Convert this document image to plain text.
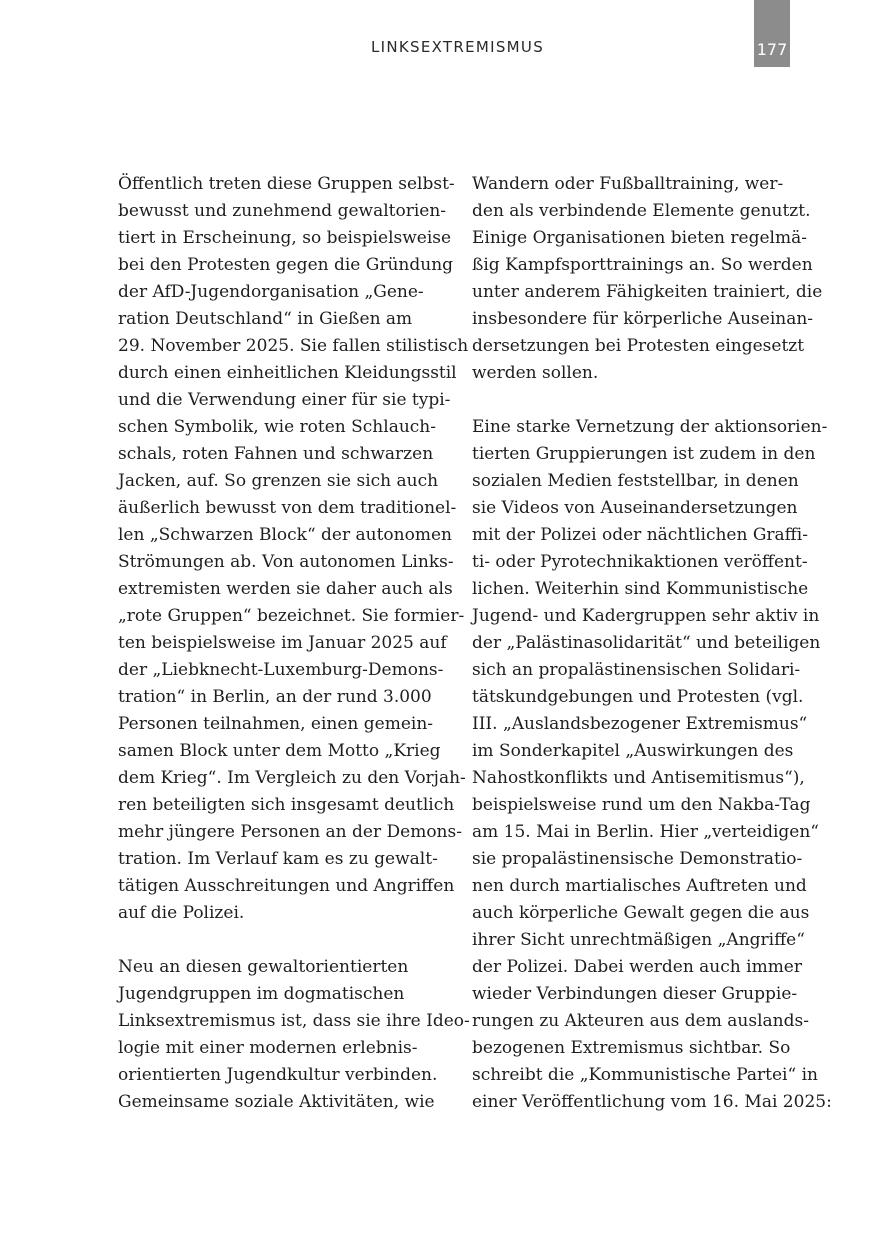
LINKSEXTREMISMUS	177
Öffentlich treten diese Gruppen selbst-
bewusst und zunehmend gewaltorien-
tiert in Erscheinung, so beispielsweise
bei den Protesten gegen die Gründung
der AfD-Jugendorganisation „Gene-
ration Deutschland“ in Gießen am
29. November 2025. Sie fallen stilistisch
durch einen einheitlichen Kleidungsstil
und die Verwendung einer für sie typi-
schen Symbolik, wie roten Schlauch-
schals, roten Fahnen und schwarzen
Jacken, auf. So grenzen sie sich auch
äußerlich bewusst von dem traditionel-
len „Schwarzen Block“ der autonomen
Strömungen ab. Von autonomen Links-
extremisten werden sie daher auch als
„rote Gruppen“ bezeichnet. Sie formier-
ten beispielsweise im Januar 2025 auf
der „Liebknecht-Luxemburg-Demons-
tration“ in Berlin, an der rund 3.000
Personen teilnahmen, einen gemein-
samen Block unter dem Motto „Krieg
dem Krieg“. Im Vergleich zu den Vorjah-
ren beteiligten sich insgesamt deutlich
mehr jüngere Personen an der Demons-
tration. Im Verlauf kam es zu gewalt-
tätigen Ausschreitungen und Angriffen
auf die Polizei.
Neu an diesen gewaltorientierten
Jugendgruppen im dogmatischen
Linksextremismus ist, dass sie ihre Ideo-
logie mit einer modernen erlebnis-
orientierten Jugendkultur verbinden.
Gemeinsame soziale Aktivitäten, wie
Wandern oder Fußballtraining, wer-
den als verbindende Elemente genutzt.
Einige Organisationen bieten regelmä-
ßig Kampfsporttrainings an. So werden
unter anderem Fähigkeiten trainiert, die
insbesondere für körperliche Auseinan-
dersetzungen bei Protesten eingesetzt
werden sollen.
Eine starke Vernetzung der aktionsorien-
tierten Gruppierungen ist zudem in den
sozialen Medien feststellbar, in denen
sie Videos von Auseinandersetzungen
mit der Polizei oder nächtlichen Graffi-
ti- oder Pyrotechnikaktionen veröffent-
lichen. Weiterhin sind Kommunistische
Jugend- und Kadergruppen sehr aktiv in
der „Palästinasolidarität“ und beteiligen
sich an propalästinensischen Solidari-
tätskundgebungen und Protesten (vgl.
III. „Auslandsbezogener Extremismus“
im Sonderkapitel „Auswirkungen des
Nahostkonflikts und Antisemitismus“),
beispielsweise rund um den Nakba-Tag
am 15. Mai in Berlin. Hier „verteidigen“
sie propalästinensische Demonstratio-
nen durch martialisches Auftreten und
auch körperliche Gewalt gegen die aus
ihrer Sicht unrechtmäßigen „Angriffe“
der Polizei. Dabei werden auch immer
wieder Verbindungen dieser Gruppie-
rungen zu Akteuren aus dem auslands-
bezogenen Extremismus sichtbar. So
schreibt die „Kommunistische Partei“ in
einer Veröffentlichung vom 16. Mai 2025:
